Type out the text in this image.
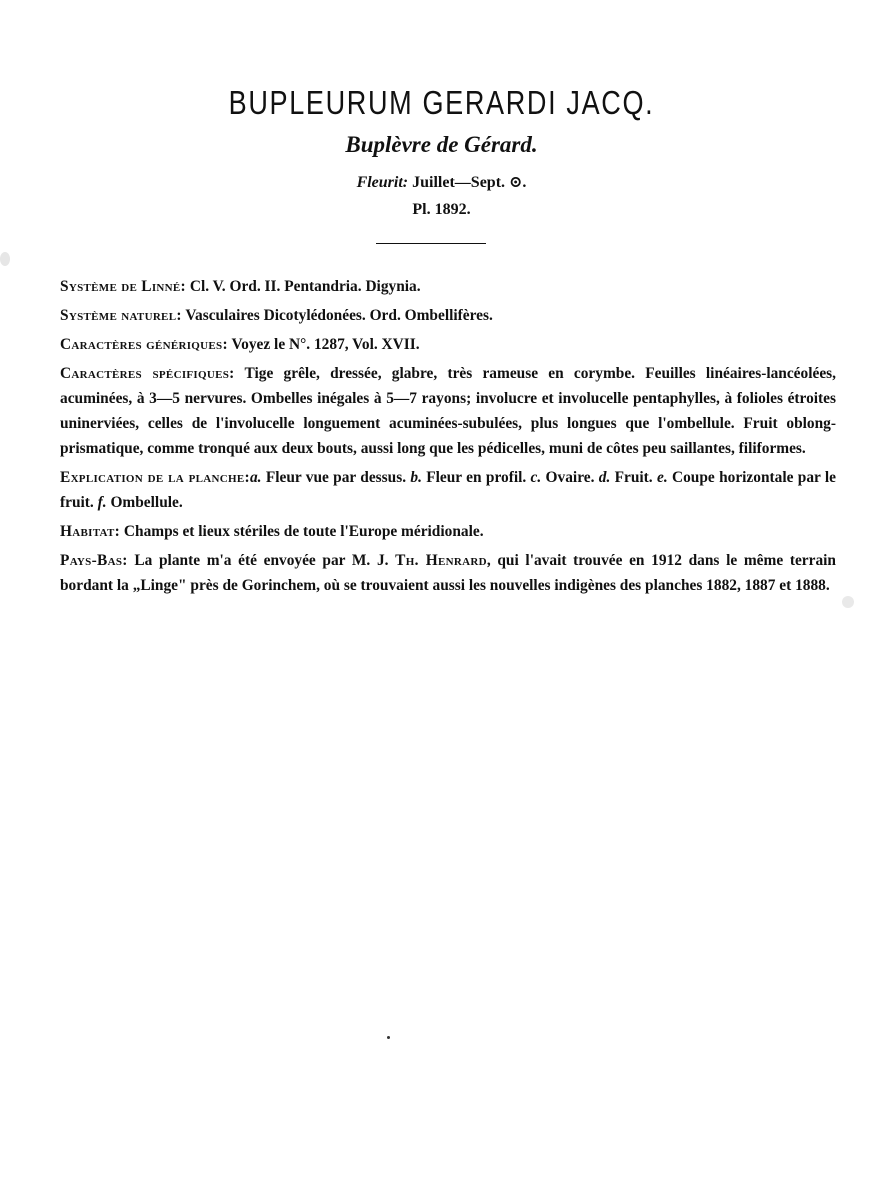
BUPLEURUM GERARDI JACQ.
Buplèvre de Gérard.
Fleurit: Juillet—Sept. ⊙.
Pl. 1892.

Système de Linné: Cl. V. Ord. II. Pentandria. Digynia.

Système naturel: Vasculaires Dicotylédonées. Ord. Ombellifères.

Caractères génériques: Voyez le N°. 1287, Vol. XVII.

Caractères spécifiques: Tige grêle, dressée, glabre, très rameuse en corymbe. Feuilles linéaires-lancéolées, acuminées, à 3—5 nervures. Ombelles inégales à 5—7 rayons; involucre et involucelle pentaphylles, à folioles étroites uninerviées, celles de l'involucelle longuement acuminées-subulées, plus longues que l'ombellule. Fruit oblong-prismatique, comme tronqué aux deux bouts, aussi long que les pédicelles, muni de côtes peu saillantes, filiformes.

Explication de la planche:a. Fleur vue par dessus. b. Fleur en profil. c. Ovaire. d. Fruit. e. Coupe horizontale par le fruit. f. Ombellule.

Habitat: Champs et lieux stériles de toute l'Europe méridionale.

Pays-Bas: La plante m'a été envoyée par M. J. Th. Henrard, qui l'avait trouvée en 1912 dans le même terrain bordant la „Linge" près de Gorinchem, où se trouvaient aussi les nouvelles indigènes des planches 1882, 1887 et 1888.
